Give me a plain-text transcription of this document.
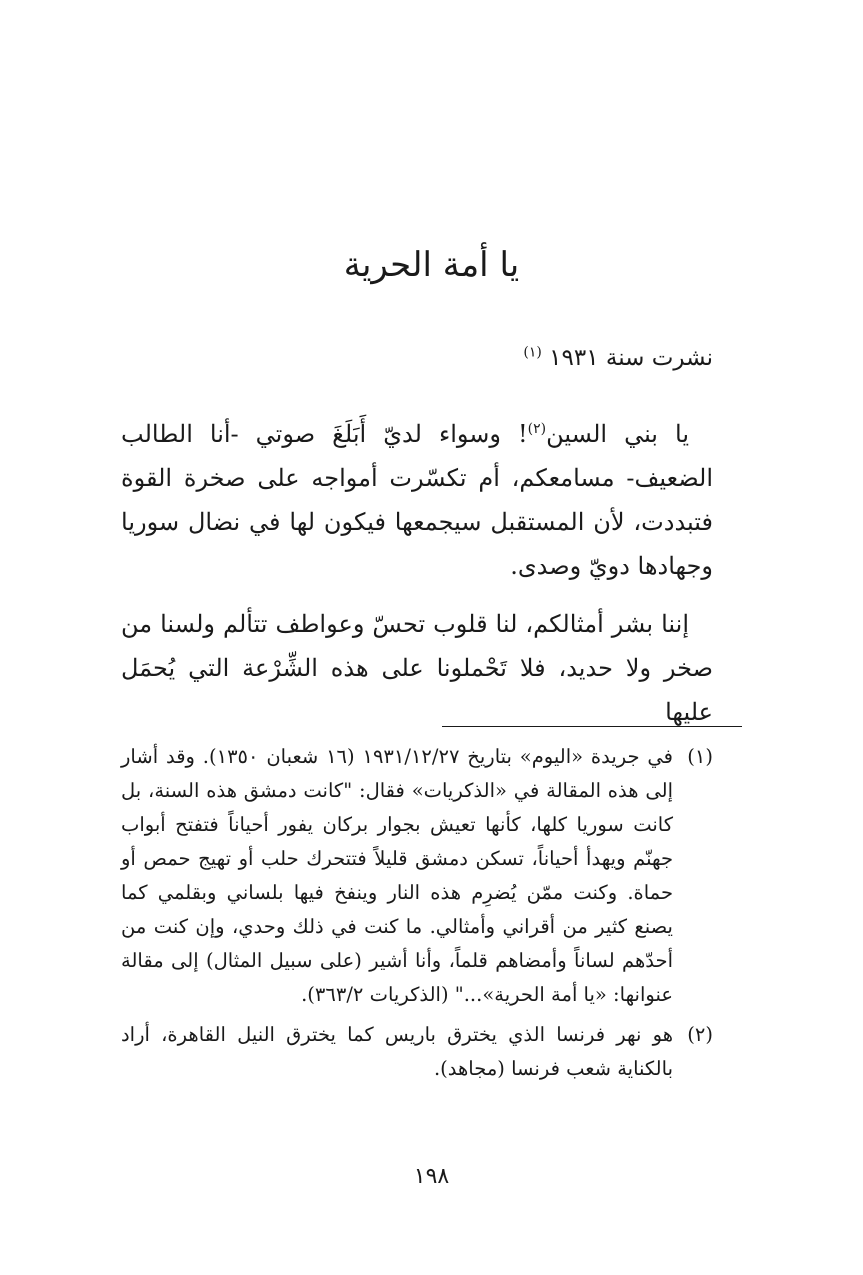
يا أمة الحرية
نشرت سنة ١٩٣١ $^{(١)}$

يا بني السين$^{(٢)}$! وسواء لديّ أَبَلَغَ صوتي -أنا الطالب الضعيف- مسامعكم، أم تكسّرت أمواجه على صخرة القوة فتبددت، لأن المستقبل سيجمعها فيكون لها في نضال سوريا وجهادها دويّ وصدى.

إننا بشر أمثالكم، لنا قلوب تحسّ وعواطف تتألم ولسنا من صخر ولا حديد، فلا تَحْملونا على هذه الشِّرْعة التي يُحمَل عليها

(١)
في جريدة «اليوم» بتاريخ ١٩٣١/١٢/٢٧ (١٦ شعبان ١٣٥٠). وقد أشار إلى هذه المقالة في «الذكريات» فقال: "كانت دمشق هذه السنة، بل كانت سوريا كلها، كأنها تعيش بجوار بركان يفور أحياناً فتفتح أبواب جهنّم ويهدأ أحياناً، تسكن دمشق قليلاً فتتحرك حلب أو تهيج حمص أو حماة. وكنت ممّن يُضرِم هذه النار وينفخ فيها بلساني وبقلمي كما يصنع كثير من أقراني وأمثالي. ما كنت في ذلك وحدي، وإن كنت من أحدّهم لساناً وأمضاهم قلماً، وأنا أشير (على سبيل المثال) إلى مقالة عنوانها: «يا أمة الحرية»..." (الذكريات ٣٦٣/٢).
(٢)
هو نهر فرنسا الذي يخترق باريس كما يخترق النيل القاهرة، أراد بالكناية شعب فرنسا (مجاهد).
١٩٨
